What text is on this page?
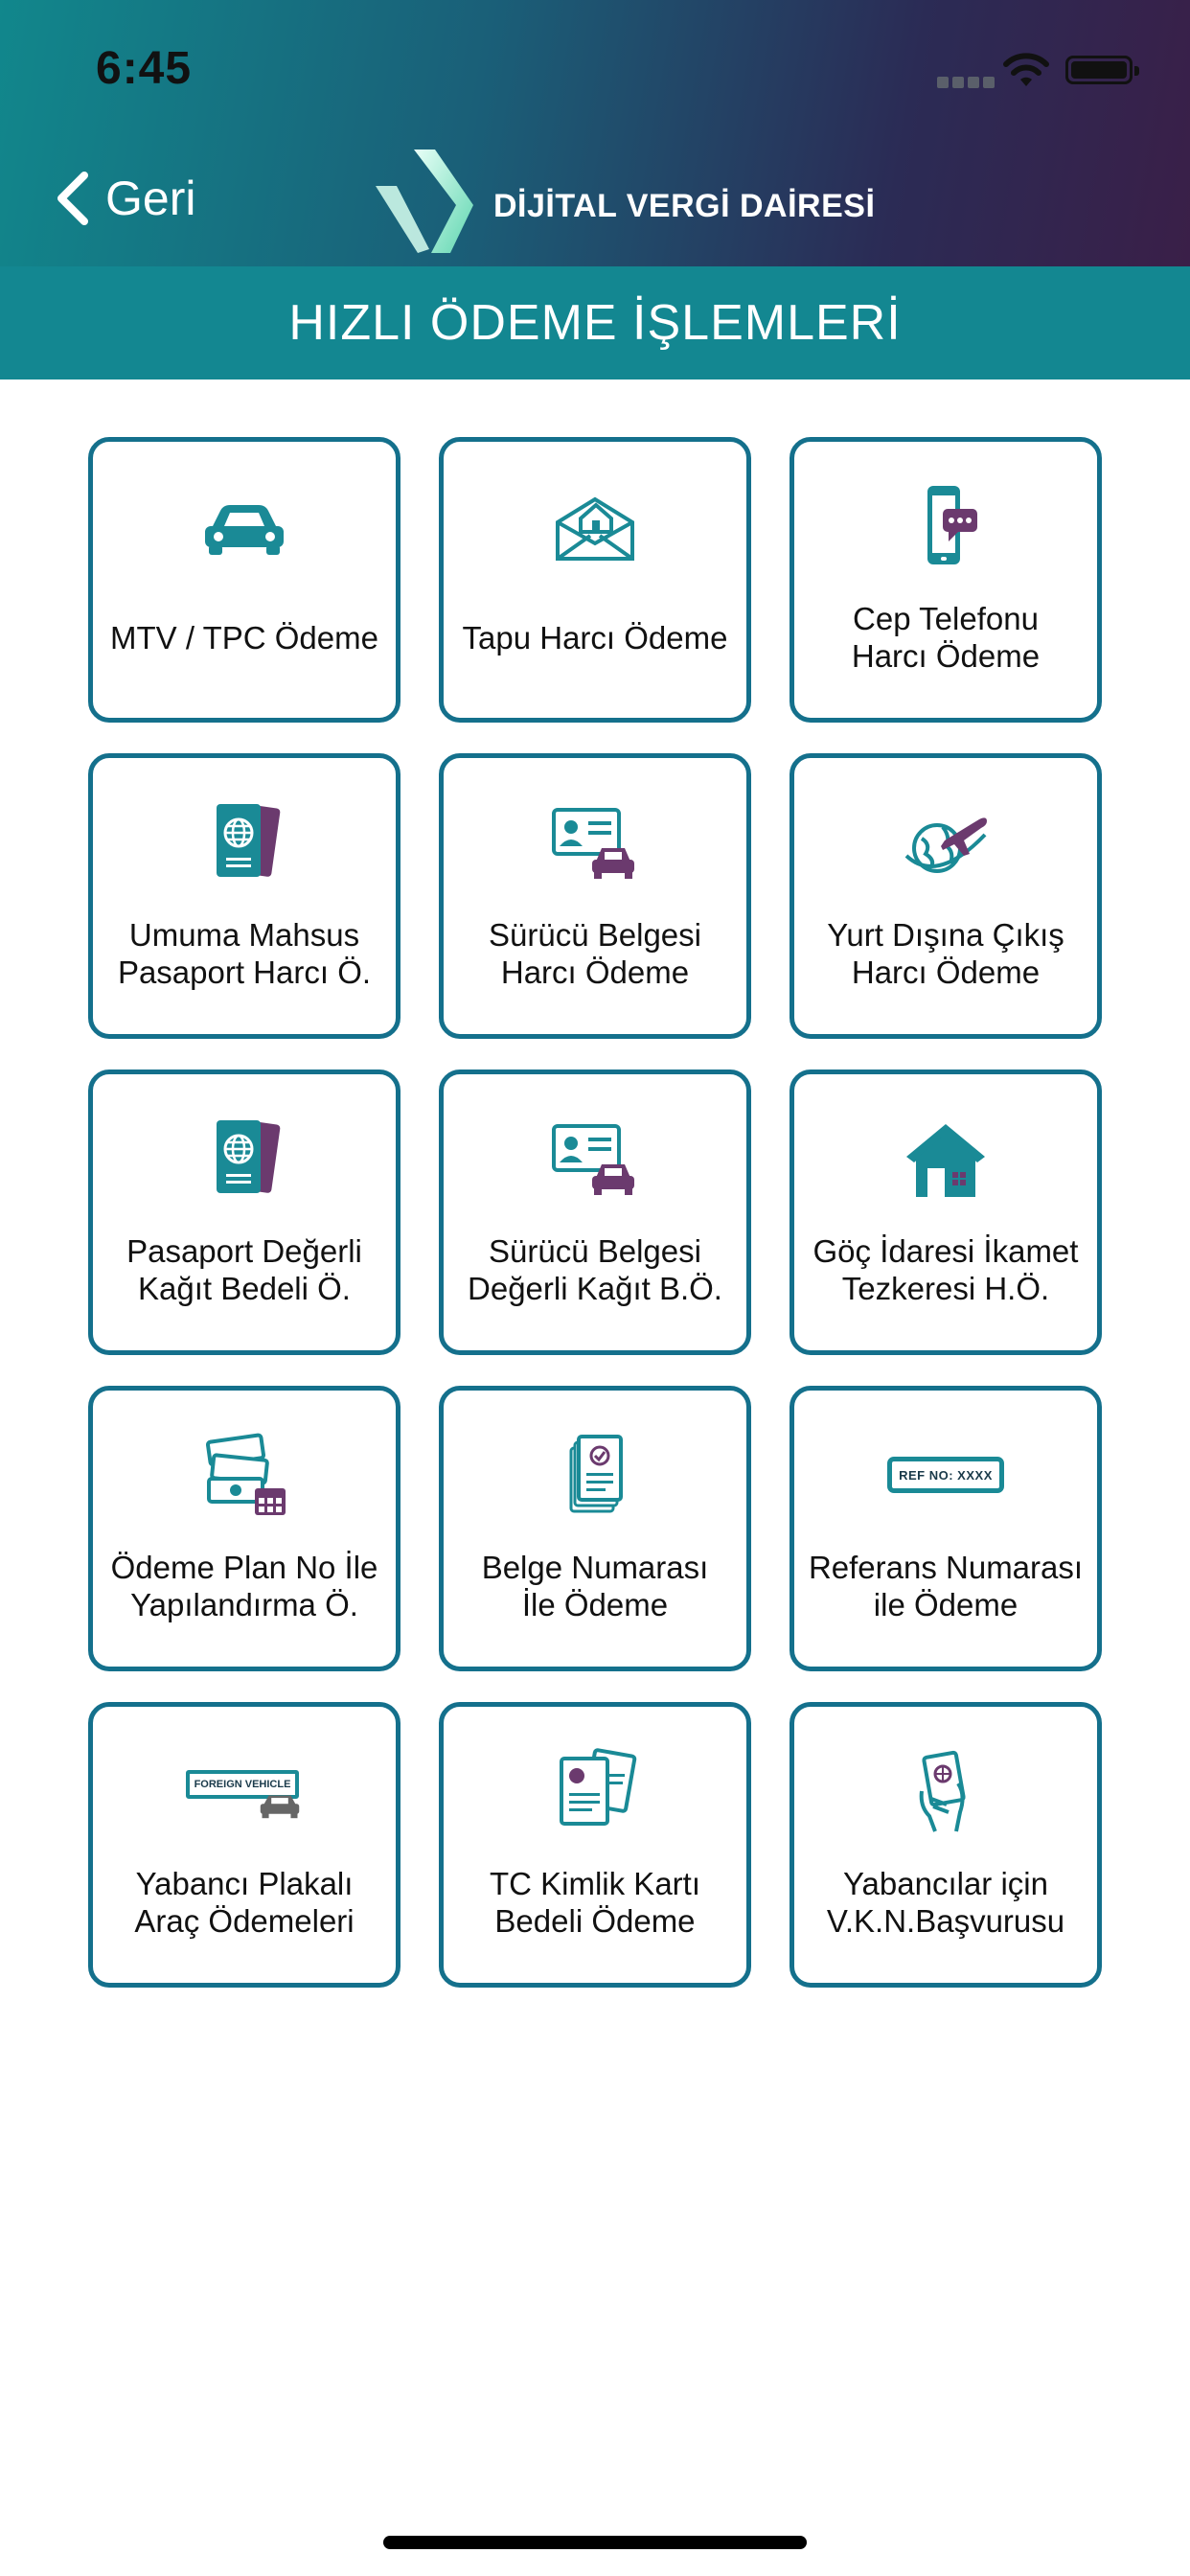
6:45
Geri	DİJİTAL VERGİ DAİRESİ
HIZLI ÖDEME İŞLEMLERİ
MTV / TPC Ödeme	Tapu Harcı Ödeme
Cep Telefonu
Harcı Ödeme
Umuma Mahsus
Pasaport Harcı Ö.
Sürücü Belgesi
Harcı Ödeme
Yurt Dışına Çıkış
Harcı Ödeme
Pasaport Değerli
Kağıt Bedeli Ö.
Sürücü Belgesi
Değerli Kağıt B.Ö.
Göç İdaresi İkamet
Tezkeresi H.Ö.
Ödeme Plan No İle
Yapılandırma Ö.
Belge Numarası
İle Ödeme
REF NO: XXXX
Referans Numarası
ile Ödeme
FOREIGN VEHICLE
Yabancı Plakalı
Araç Ödemeleri
TC Kimlik Kartı
Bedeli Ödeme
Yabancılar için
V.K.N.Başvurusu
